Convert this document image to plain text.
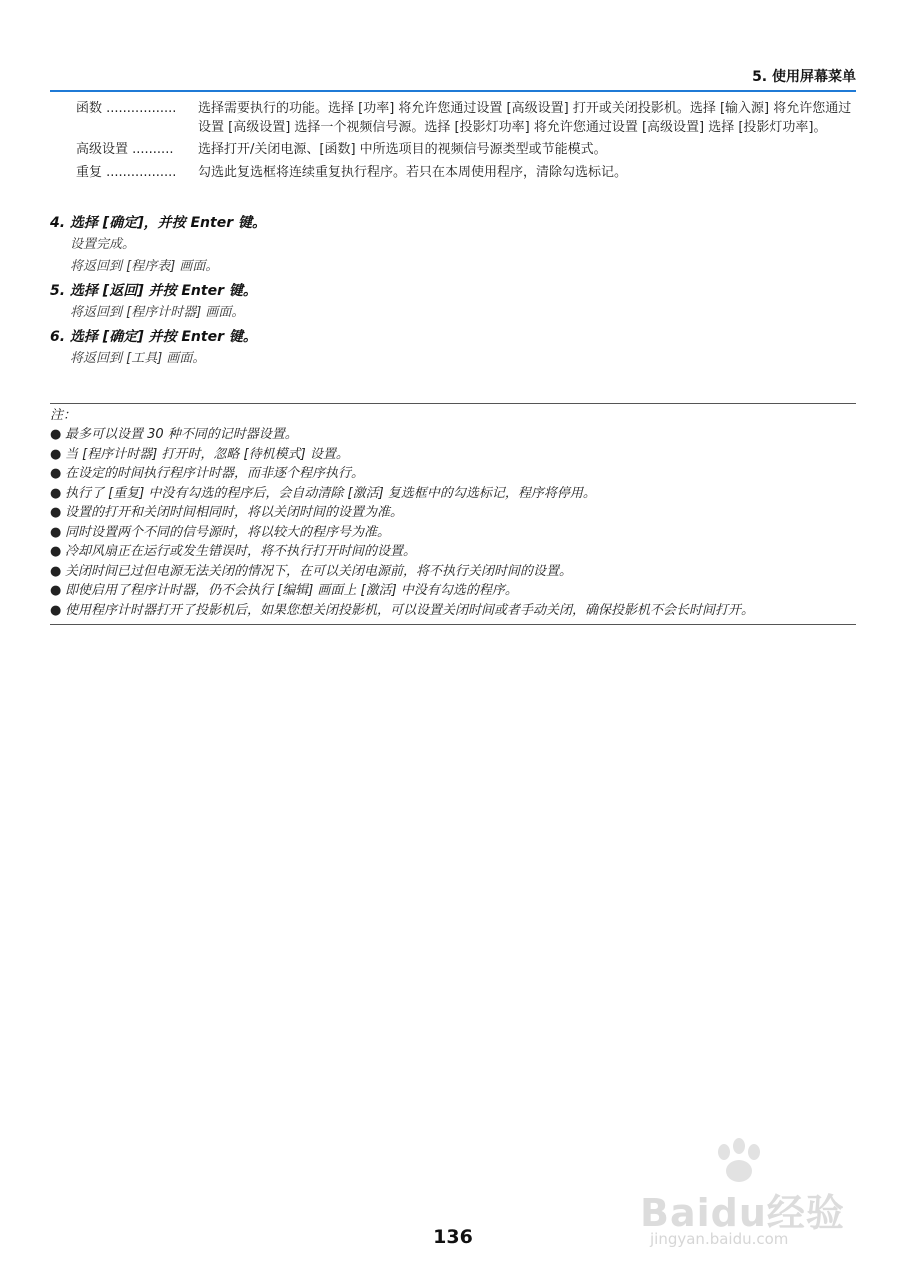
5. 使用屏幕菜单
函数 .................	选择需要执行的功能。选择 [功率] 将允许您通过设置 [高级设置] 打开或关闭投影机。选择 [输入源] 将允许您通过设置 [高级设置] 选择一个视频信号源。选择 [投影灯功率] 将允许您通过设置 [高级设置] 选择 [投影灯功率]。
高级设置 ..........	选择打开/关闭电源、[函数] 中所选项目的视频信号源类型或节能模式。
重复 .................	勾选此复选框将连续重复执行程序。若只在本周使用程序，清除勾选标记。
4. 选择 [确定]，并按 Enter 键。
设置完成。
将返回到 [程序表] 画面。
5. 选择 [返回] 并按 Enter 键。
将返回到 [程序计时器] 画面。
6. 选择 [确定] 并按 Enter 键。
将返回到 [工具] 画面。
注：
● 最多可以设置 30 种不同的记时器设置。
● 当 [程序计时器] 打开时，忽略 [待机模式] 设置。
● 在设定的时间执行程序计时器，而非逐个程序执行。
● 执行了 [重复] 中没有勾选的程序后，会自动清除 [激活] 复选框中的勾选标记，程序将停用。
● 设置的打开和关闭时间相同时，将以关闭时间的设置为准。
● 同时设置两个不同的信号源时，将以较大的程序号为准。
● 冷却风扇正在运行或发生错误时，将不执行打开时间的设置。
● 关闭时间已过但电源无法关闭的情况下，在可以关闭电源前，将不执行关闭时间的设置。
● 即使启用了程序计时器，仍不会执行 [编辑] 画面上 [激活] 中没有勾选的程序。
● 使用程序计时器打开了投影机后，如果您想关闭投影机，可以设置关闭时间或者手动关闭，确保投影机不会长时间打开。
Baidu经验
jingyan.baidu.com
136
